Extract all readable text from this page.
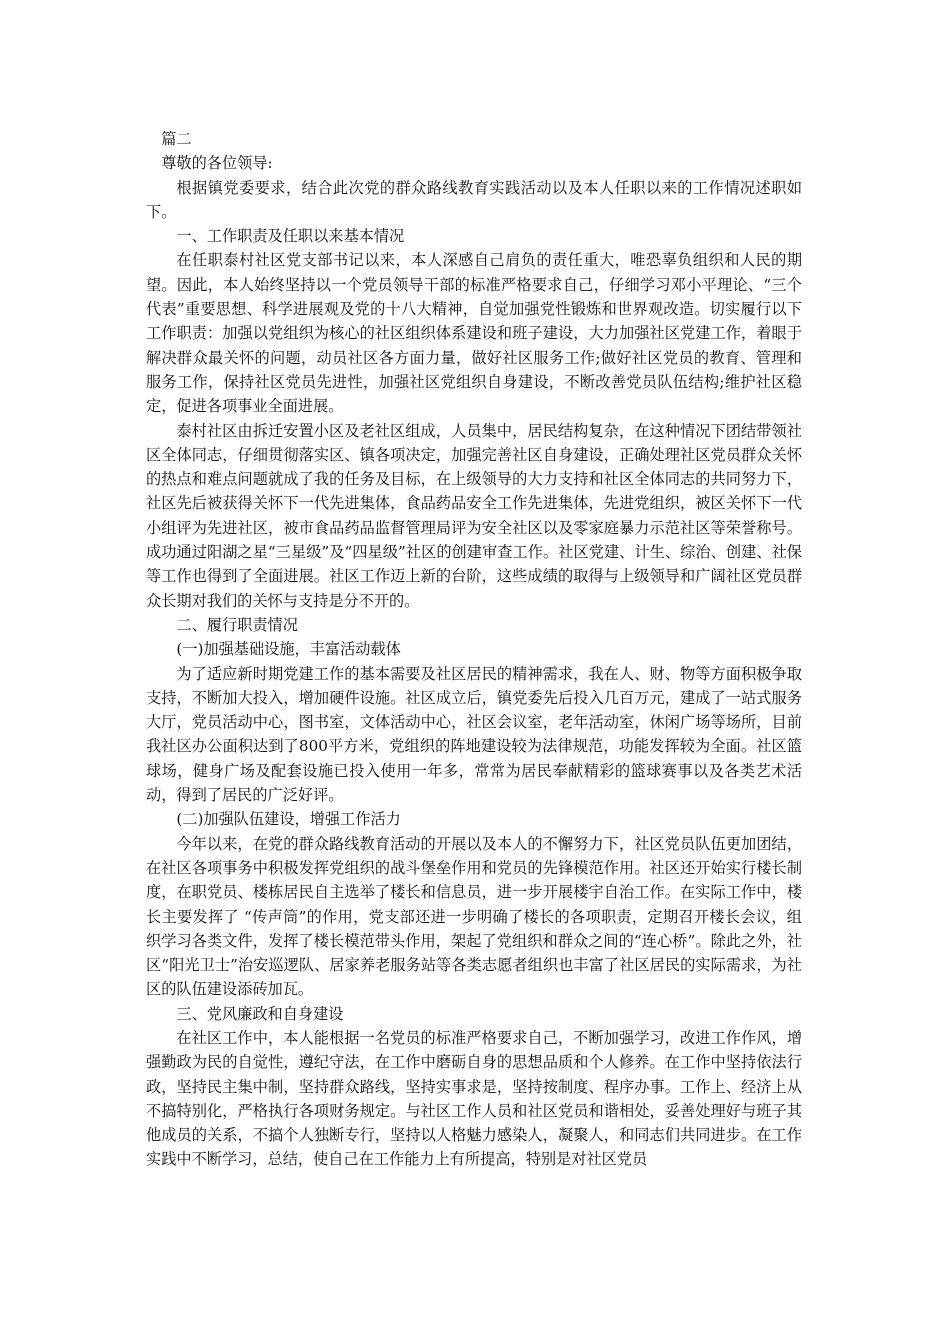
篇二

尊敬的各位领导:

根据镇党委要求，结合此次党的群众路线教育实践活动以及本人任职以来的工作情况述职如下。

一、工作职责及任职以来基本情况

在任职泰村社区党支部书记以来，本人深感自己肩负的责任重大，唯恐辜负组织和人民的期望。因此，本人始终坚持以一个党员领导干部的标准严格要求自己，仔细学习邓小平理论、“三个代表”重要思想、科学进展观及党的十八大精神，自觉加强党性锻炼和世界观改造。切实履行以下工作职责：加强以党组织为核心的社区组织体系建设和班子建设，大力加强社区党建工作，着眼于解决群众最关怀的问题，动员社区各方面力量，做好社区服务工作;做好社区党员的教育、管理和服务工作，保持社区党员先进性，加强社区党组织自身建设，不断改善党员队伍结构;维护社区稳定，促进各项事业全面进展。

泰村社区由拆迁安置小区及老社区组成，人员集中，居民结构复杂，在这种情况下团结带领社区全体同志，仔细贯彻落实区、镇各项决定，加强完善社区自身建设，正确处理社区党员群众关怀的热点和难点问题就成了我的任务及目标，在上级领导的大力支持和社区全体同志的共同努力下，社区先后被获得关怀下一代先进集体，食品药品安全工作先进集体，先进党组织，被区关怀下一代小组评为先进社区，被市食品药品监督管理局评为安全社区以及零家庭暴力示范社区等荣誉称号。成功通过阳湖之星“三星级”及“四星级”社区的创建审查工作。社区党建、计生、综治、创建、社保等工作也得到了全面进展。社区工作迈上新的台阶，这些成绩的取得与上级领导和广阔社区党员群众长期对我们的关怀与支持是分不开的。

二、履行职责情况

(一)加强基础设施，丰富活动载体

为了适应新时期党建工作的基本需要及社区居民的精神需求，我在人、财、物等方面积极争取支持，不断加大投入，增加硬件设施。社区成立后，镇党委先后投入几百万元，建成了一站式服务大厅，党员活动中心，图书室，文体活动中心，社区会议室，老年活动室，休闲广场等场所，目前我社区办公面积达到了800平方米，党组织的阵地建设较为法律规范，功能发挥较为全面。社区篮球场，健身广场及配套设施已投入使用一年多，常常为居民奉献精彩的篮球赛事以及各类艺术活动，得到了居民的广泛好评。

(二)加强队伍建设，增强工作活力

今年以来，在党的群众路线教育活动的开展以及本人的不懈努力下，社区党员队伍更加团结，在社区各项事务中积极发挥党组织的战斗堡垒作用和党员的先锋模范作用。社区还开始实行楼长制度，在职党员、楼栋居民自主选举了楼长和信息员，进一步开展楼宇自治工作。在实际工作中，楼长主要发挥了 “传声筒”的作用，党支部还进一步明确了楼长的各项职责，定期召开楼长会议，组织学习各类文件，发挥了楼长模范带头作用，架起了党组织和群众之间的“连心桥”。除此之外，社区“阳光卫士”治安巡逻队、居家养老服务站等各类志愿者组织也丰富了社区居民的实际需求，为社区的队伍建设添砖加瓦。

三、党风廉政和自身建设

在社区工作中，本人能根据一名党员的标准严格要求自己，不断加强学习，改进工作作风，增强勤政为民的自觉性，遵纪守法，在工作中磨砺自身的思想品质和个人修养。在工作中坚持依法行政，坚持民主集中制，坚持群众路线，坚持实事求是，坚持按制度、程序办事。工作上、经济上从不搞特别化，严格执行各项财务规定。与社区工作人员和社区党员和谐相处，妥善处理好与班子其他成员的关系，不搞个人独断专行，坚持以人格魅力感染人，凝聚人，和同志们共同进步。在工作实践中不断学习，总结，使自己在工作能力上有所提高，特别是对社区党员
